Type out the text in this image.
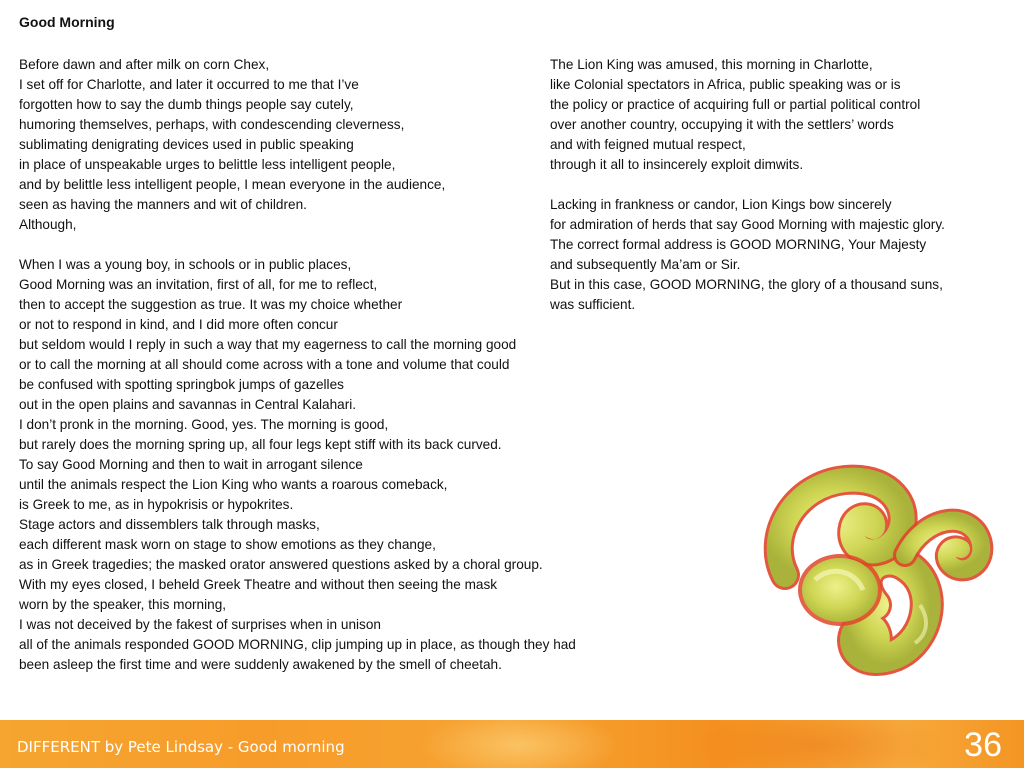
Good Morning
Before dawn and after milk on corn Chex,
I set off for Charlotte, and later it occurred to me that I’ve
forgotten how to say the dumb things people say cutely,
humoring themselves, perhaps, with condescending cleverness,
sublimating denigrating devices used in public speaking
in place of unspeakable urges to belittle less intelligent people,
and by belittle less intelligent people, I mean everyone in the audience,
seen as having the manners and wit of children.
Although,
When I was a young boy, in schools or in public places,
Good Morning was an invitation, first of all, for me to reflect,
then to accept the suggestion as true. It was my choice whether
or not to respond in kind, and I did more often concur
but seldom would I reply in such a way that my eagerness to call the morning good
or to call the morning at all should come across with a tone and volume that could
be confused with spotting springbok jumps of gazelles
out in the open plains and savannas in Central Kalahari.
I don’t pronk in the morning. Good, yes. The morning is good,
but rarely does the morning spring up, all four legs kept stiff with its back curved.
To say Good Morning and then to wait in arrogant silence
until the animals respect the Lion King who wants a roarous comeback,
is Greek to me, as in hypokrisis or hypokrites.
Stage actors and dissemblers talk through masks,
each different mask worn on stage to show emotions as they change,
as in Greek tragedies; the masked orator answered questions asked by a choral group.
With my eyes closed, I beheld Greek Theatre and without then seeing the mask
worn by the speaker, this morning,
I was not deceived by the fakest of surprises when in unison
all of the animals responded GOOD MORNING, clip jumping up in place, as though they had
been asleep the first time and were suddenly awakened by the smell of cheetah.
The Lion King was amused, this morning in Charlotte,
like Colonial spectators in Africa, public speaking was or is
the policy or practice of acquiring full or partial political control
over another country, occupying it with the settlers’ words
and with feigned mutual respect,
through it all to insincerely exploit dimwits.
Lacking in frankness or candor, Lion Kings bow sincerely
for admiration of herds that say Good Morning with majestic glory.
The correct formal address is GOOD MORNING, Your Majesty
and subsequently Ma’am or Sir.
But in this case, GOOD MORNING, the glory of a thousand suns,
was sufficient.
DIFFERENT by Pete Lindsay - Good morning	36
